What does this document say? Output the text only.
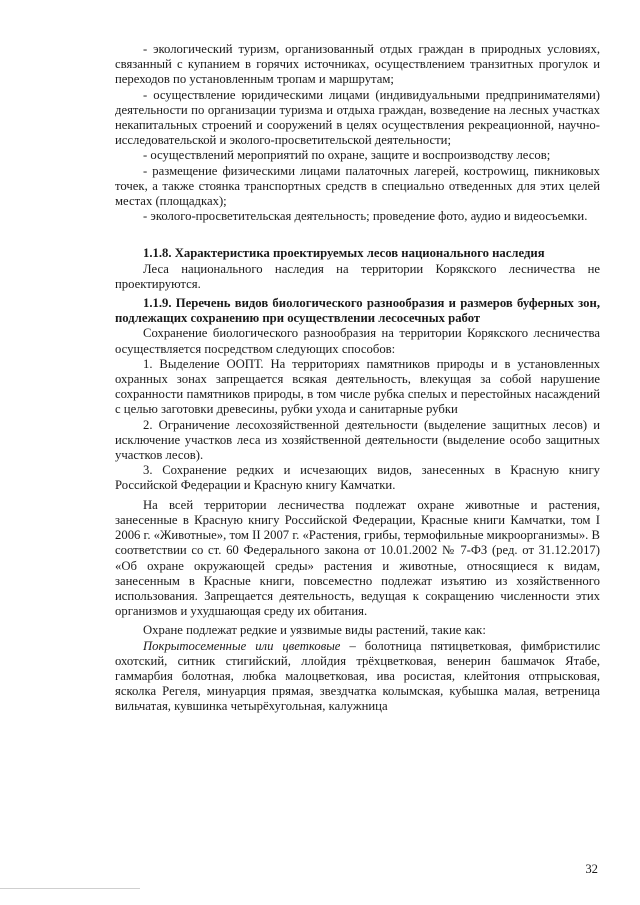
- экологический туризм, организованный отдых граждан в природных условиях, связанный с купанием в горячих источниках, осуществлением транзитных прогулок и переходов по установленным тропам и маршрутам;

- осуществление юридическими лицами (индивидуальными предпринимателями) деятельности по организации туризма и отдыха граждан, возведение на лесных участках некапитальных строений и сооружений в целях осуществления рекреационной, научно-исследовательской и эколого-просветительской деятельности;

- осуществлений мероприятий по охране, защите и воспроизводству лесов;

- размещение физическими лицами палаточных лагерей, кострowищ, пикниковых точек, а также стоянка транспортных средств в специально отведенных для этих целей местах (площадках);

- эколого-просветительская деятельность; проведение фото, аудио и видеосъемки.

1.1.8. Характеристика проектируемых лесов национального наследия

Леса национального наследия на территории Корякского лесничества не проектируются.

1.1.9. Перечень видов биологического разнообразия и размеров буферных зон, подлежащих сохранению при осуществлении лесосечных работ

Сохранение биологического разнообразия на территории Корякского лесничества осуществляется посредством следующих способов:

1. Выделение ООПТ. На территориях памятников природы и в установленных охранных зонах запрещается всякая деятельность, влекущая за собой нарушение сохранности памятников природы, в том числе рубка спелых и перестойных насаждений с целью заготовки древесины, рубки ухода и санитарные рубки

2. Ограничение лесохозяйственной деятельности (выделение защитных лесов) и исключение участков леса из хозяйственной деятельности (выделение особо защитных участков лесов).

3. Сохранение редких и исчезающих видов, занесенных в Красную книгу Российской Федерации и Красную книгу Камчатки.

На всей территории лесничества подлежат охране животные и растения, занесенные в Красную книгу Российской Федерации, Красные книги Камчатки, том I 2006 г. «Животные», том II 2007 г. «Растения, грибы, термофильные микроорганизмы». В соответствии со ст. 60 Федерального закона от 10.01.2002 № 7-ФЗ (ред. от 31.12.2017) «Об охране окружающей среды» растения и животные, относящиеся к видам, занесенным в Красные книги, повсеместно подлежат изъятию из хозяйственного использования. Запрещается деятельность, ведущая к сокращению численности этих организмов и ухудшающая среду их обитания.

Охране подлежат редкие и уязвимые виды растений, такие как:

Покрытосеменные или цветковые – болотница пятицветковая, фимбристилис охотский, ситник стигийский, ллойдия трёхцветковая, венерин башмачок Ятабе, гаммарбия болотная, любка малоцветковая, ива росистая, клейтония отпрысковая, ясколка Регеля, минуарция прямая, звездчатка колымская, кубышка малая, ветреница вильчатая, кувшинка четырёхугольная, калужница

32
